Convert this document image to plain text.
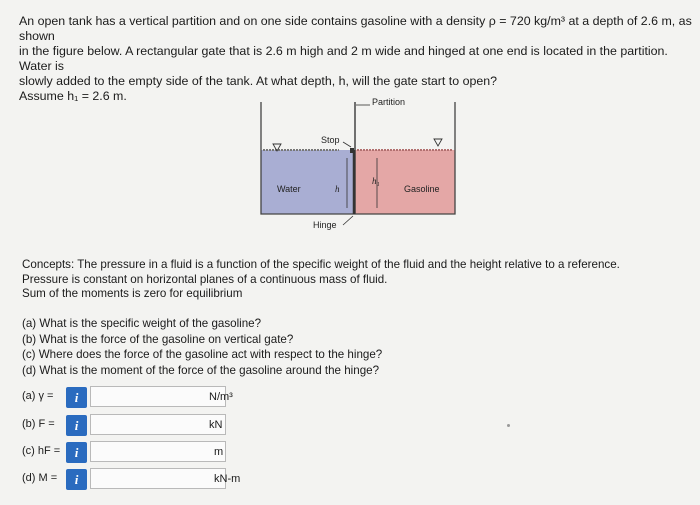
An open tank has a vertical partition and on one side contains gasoline with a density ρ = 720 kg/m³ at a depth of 2.6 m, as shown
in the figure below. A rectangular gate that is 2.6 m high and 2 m wide and hinged at one end is located in the partition. Water is
slowly added to the empty side of the tank. At what depth, h, will the gate start to open?
Assume h₁ = 2.6 m.	Partition
Stop
Water	h
h₁
Gasoline
Hinge
Concepts: The pressure in a fluid is a function of the specific weight of the fluid and the height relative to a reference.
Pressure is constant on horizontal planes of a continuous mass of fluid.
Sum of the moments is zero for equilibrium
(a) What is the specific weight of the gasoline?
(b) What is the force of the gasoline on vertical gate?
(c) Where does the force of the gasoline act with respect to the hinge?
(d) What is the moment of the force of the gasoline around the hinge?
(a) γ =	i	N/m³
(b) F =	i	kN
(c) hF =	i	m
(d) M =	i	kN-m
